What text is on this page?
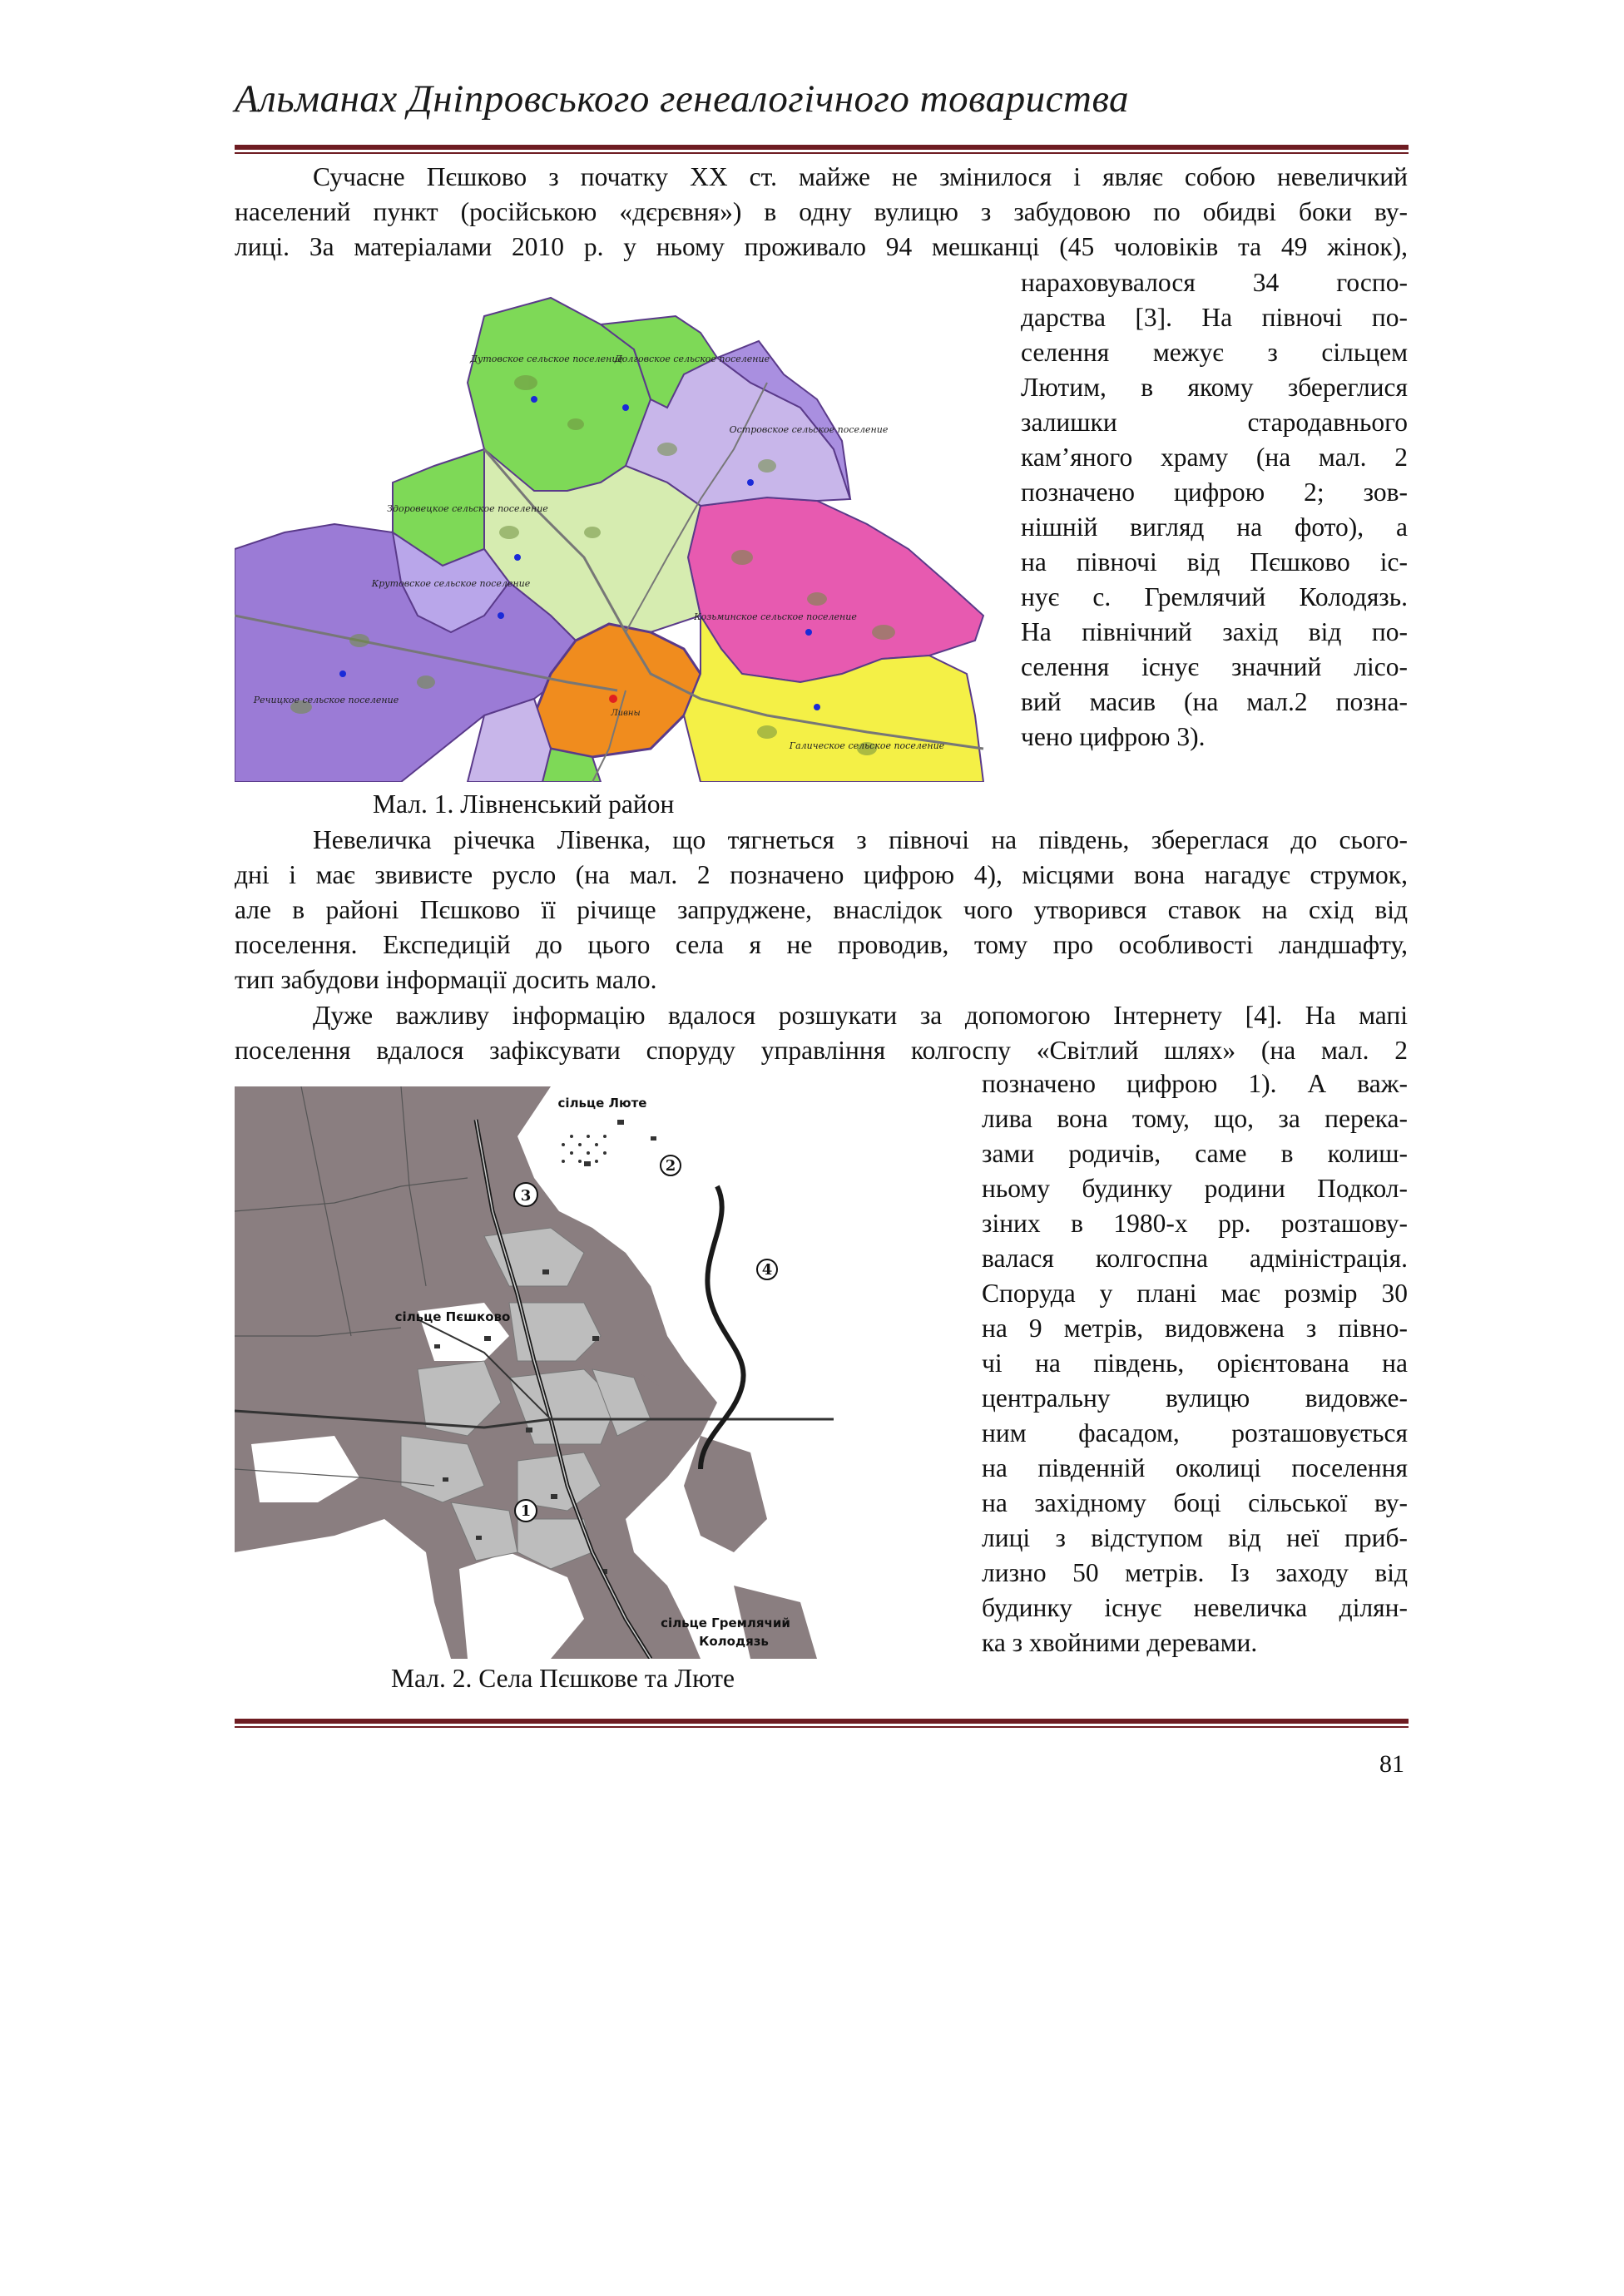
Альманах Дніпровського генеалогічного товариства
Сучасне Пєшково з початку XX ст. майже не змінилося і являє собою невеличкий
населений пункт (російською «дєрєвня») в одну вулицю з забудовою по обидві боки ву-
лиці. За матеріалами 2010 р. у ньому проживало 94 мешканці (45 чоловіків та 49 жінок),
Дутовское сельское поселение
Долговское сельское поселение
Островское сельское поселение
Здоровецкое сельское поселение
Крутовское сельское поселение
Козьминское сельское поселение
Речицкое сельское поселение
Галическое сельское поселение
Ливны
нараховувалося 34 госпо-
дарства [3]. На півночі по-
селення межує з сільцем
Лютим, в якому збереглися
залишки стародавнього
кам’яного храму (на мал. 2
позначено цифрою 2; зов-
нішній вигляд на фото), а
на півночі від Пєшково іс-
нує с. Гремлячий Колодязь.
На північний захід від по-
селення існує значний лісо-
вий масив (на мал.2 позна-
чено цифрою 3).
Мал. 1. Лівненський район
Невеличка річечка Лівенка, що тягнеться з півночі на південь, збереглася до сього-
дні і має звивисте русло (на мал. 2 позначено цифрою 4), місцями вона нагадує струмок,
але в районі Пєшково її річище запруджене, внаслідок чого утворився ставок на схід від
поселення. Експедицій до цього села я не проводив, тому про особливості ландшафту,
тип забудови інформації досить мало.
Дуже важливу інформацію вдалося розшукати за допомогою Інтернету [4]. На мапі
поселення вдалося зафіксувати споруду управління колгоспу «Світлий шлях» (на мал. 2
3
2
4
1
сільце Люте
сільце Пєшково
сільце Гремлячий
Колодязь
позначено цифрою 1). А важ-
лива вона тому, що, за перека-
зами родичів, саме в колиш-
ньому будинку родини Подкол-
зіних в 1980-х рр. розташову-
валася колгоспна адміністрація.
Споруда у плані має розмір 30
на 9 метрів, видовжена з півно-
чі на південь, орієнтована на
центральну вулицю видовже-
ним фасадом, розташовується
на південній околиці поселення
на західному боці сільської ву-
лиці з відступом від неї приб-
лизно 50 метрів. Із заходу від
будинку існує невеличка ділян-
ка з хвойними деревами.
Мал. 2. Села Пєшкове та Люте
81
